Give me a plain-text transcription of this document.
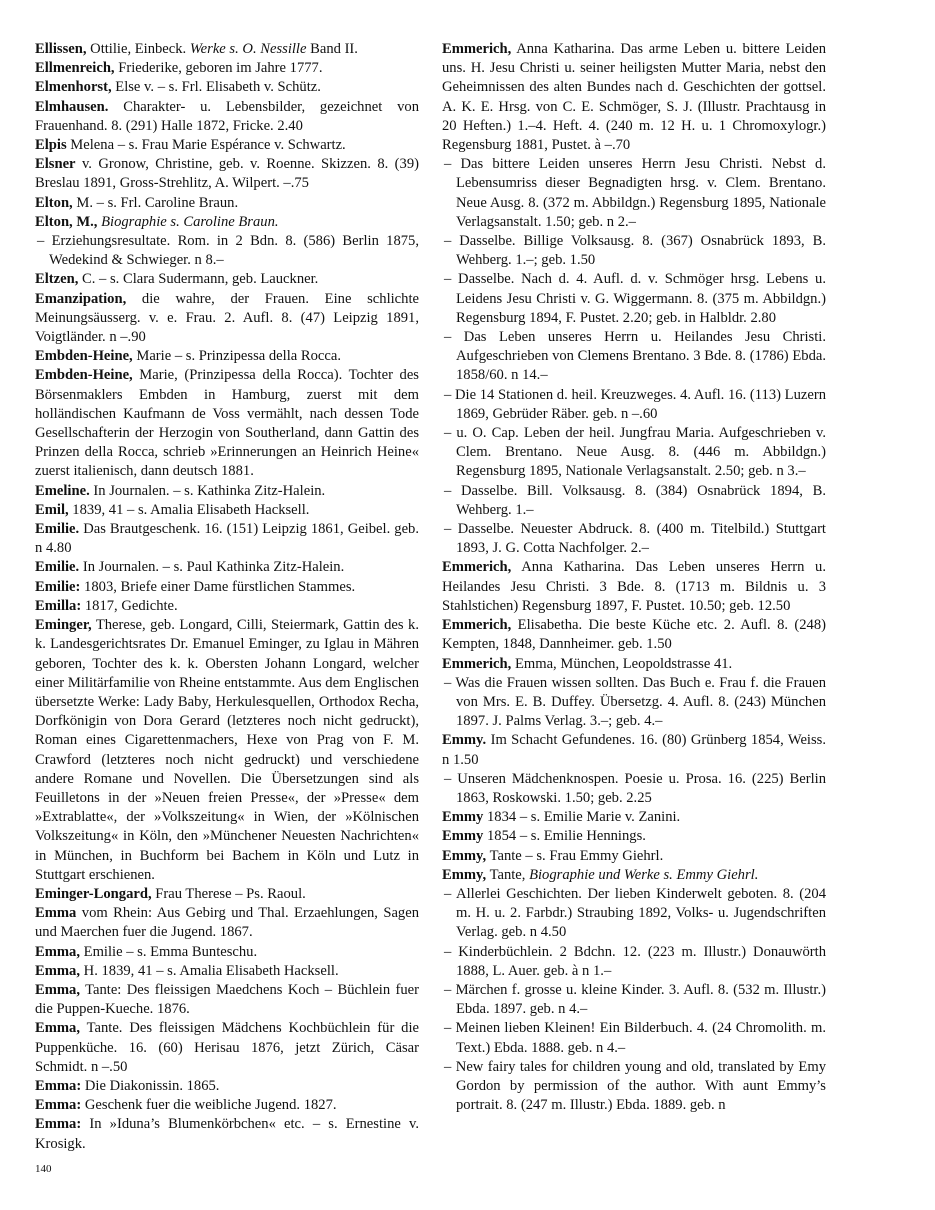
Ellissen, Ottilie, Einbeck. Werke s. O. Nessille Band II.

Ellmenreich, Friederike, geboren im Jahre 1777.

Elmenhorst, Else v. – s. Frl. Elisabeth v. Schütz.

Elmhausen. Charakter- u. Lebensbilder, gezeichnet von Frauenhand. 8. (291) Halle 1872, Fricke. 2.40

Elpis Melena – s. Frau Marie Espérance v. Schwartz.

Elsner v. Gronow, Christine, geb. v. Roenne. Skizzen. 8. (39) Breslau 1891, Gross-Strehlitz, A. Wilpert. –.75

Elton, M. – s. Frl. Caroline Braun.

Elton, M., Biographie s. Caroline Braun.

– Erziehungsresultate. Rom. in 2 Bdn. 8. (586) Berlin 1875, Wedekind & Schwieger. n 8.–

Eltzen, C. – s. Clara Sudermann, geb. Lauckner.

Emanzipation, die wahre, der Frauen. Eine schlichte Meinungsäusserg. v. e. Frau. 2. Aufl. 8. (47) Leipzig 1891, Voigtländer. n –.90

Embden-Heine, Marie – s. Prinzipessa della Rocca.

Embden-Heine, Marie, (Prinzipessa della Rocca). Tochter des Börsenmaklers Embden in Hamburg, zuerst mit dem holländischen Kaufmann de Voss vermählt, nach dessen Tode Gesellschafterin der Herzogin von Southerland, dann Gattin des Prinzen della Rocca, schrieb »Erinnerungen an Heinrich Heine« zuerst italienisch, dann deutsch 1881.

Emeline. In Journalen. – s. Kathinka Zitz-Halein.

Emil, 1839, 41 – s. Amalia Elisabeth Hacksell.

Emilie. Das Brautgeschenk. 16. (151) Leipzig 1861, Geibel. geb. n 4.80

Emilie. In Journalen. – s. Paul Kathinka Zitz-Halein.

Emilie: 1803, Briefe einer Dame fürstlichen Stammes.

Emilla: 1817, Gedichte.

Eminger, Therese, geb. Longard, Cilli, Steiermark, Gattin des k. k. Landesgerichtsrates Dr. Emanuel Eminger, zu Iglau in Mähren geboren, Tochter des k. k. Obersten Johann Longard, welcher einer Militärfamilie von Rheine entstammte. Aus dem Englischen übersetzte Werke: Lady Baby, Herkulesquellen, Orthodox Recha, Dorfkönigin von Dora Gerard (letzteres noch nicht gedruckt), Roman eines Cigarettenmachers, Hexe von Prag von F. M. Crawford (letzteres noch nicht gedruckt) und verschiedene andere Romane und Novellen. Die Übersetzungen sind als Feuilletons in der »Neuen freien Presse«, der »Presse« dem »Extrablatte«, der »Volkszeitung« in Wien, der »Kölnischen Volkszeitung« in Köln, den »Münchener Neuesten Nachrichten« in München, in Buchform bei Bachem in Köln und Lutz in Stuttgart erschienen.

Eminger-Longard, Frau Therese – Ps. Raoul.

Emma vom Rhein: Aus Gebirg und Thal. Erzaehlungen, Sagen und Maerchen fuer die Jugend. 1867.

Emma, Emilie – s. Emma Bunteschu.

Emma, H. 1839, 41 – s. Amalia Elisabeth Hacksell.

Emma, Tante: Des fleissigen Maedchens Koch – Büchlein fuer die Puppen-Kueche. 1876.

Emma, Tante. Des fleissigen Mädchens Kochbüchlein für die Puppenküche. 16. (60) Herisau 1876, jetzt Zürich, Cäsar Schmidt. n –.50

Emma: Die Diakonissin. 1865.

Emma: Geschenk fuer die weibliche Jugend. 1827.

Emma: In »Iduna’s Blumenkörbchen« etc. – s. Ernestine v. Krosigk.

Emmerich, Anna Katharina. Das arme Leben u. bittere Leiden uns. H. Jesu Christi u. seiner heiligsten Mutter Maria, nebst den Geheimnissen des alten Bundes nach d. Geschichten der gottsel. A. K. E. Hrsg. von C. E. Schmöger, S. J. (Illustr. Prachtausg in 20 Heften.) 1.–4. Heft. 4. (240 m. 12 H. u. 1 Chromoxylogr.) Regensburg 1881, Pustet. à –.70

– Das bittere Leiden unseres Herrn Jesu Christi. Nebst d. Lebensumriss dieser Begnadigten hrsg. v. Clem. Brentano. Neue Ausg. 8. (372 m. Abbildgn.) Regensburg 1895, Nationale Verlagsanstalt. 1.50; geb. n 2.–

– Dasselbe. Billige Volksausg. 8. (367) Osnabrück 1893, B. Wehberg. 1.–; geb. 1.50

– Dasselbe. Nach d. 4. Aufl. d. v. Schmöger hrsg. Lebens u. Leidens Jesu Christi v. G. Wiggermann. 8. (375 m. Abbildgn.) Regensburg 1894, F. Pustet. 2.20; geb. in Halbldr. 2.80

– Das Leben unseres Herrn u. Heilandes Jesu Christi. Aufgeschrieben von Clemens Brentano. 3 Bde. 8. (1786) Ebda. 1858/60. n 14.–

– Die 14 Stationen d. heil. Kreuzweges. 4. Aufl. 16. (113) Luzern 1869, Gebrüder Räber. geb. n –.60

– u. O. Cap. Leben der heil. Jungfrau Maria. Aufgeschrieben v. Clem. Brentano. Neue Ausg. 8. (446 m. Abbildgn.) Regensburg 1895, Nationale Verlagsanstalt. 2.50; geb. n 3.–

– Dasselbe. Bill. Volksausg. 8. (384) Osnabrück 1894, B. Wehberg. 1.–

– Dasselbe. Neuester Abdruck. 8. (400 m. Titelbild.) Stuttgart 1893, J. G. Cotta Nachfolger. 2.–

Emmerich, Anna Katharina. Das Leben unseres Herrn u. Heilandes Jesu Christi. 3 Bde. 8. (1713 m. Bildnis u. 3 Stahlstichen) Regensburg 1897, F. Pustet. 10.50; geb. 12.50

Emmerich, Elisabetha. Die beste Küche etc. 2. Aufl. 8. (248) Kempten, 1848, Dannheimer. geb. 1.50

Emmerich, Emma, München, Leopoldstrasse 41.

– Was die Frauen wissen sollten. Das Buch e. Frau f. die Frauen von Mrs. E. B. Duffey. Übersetzg. 4. Aufl. 8. (243) München 1897. J. Palms Verlag. 3.–; geb. 4.–

Emmy. Im Schacht Gefundenes. 16. (80) Grünberg 1854, Weiss. n 1.50

– Unseren Mädchenknospen. Poesie u. Prosa. 16. (225) Berlin 1863, Roskowski. 1.50; geb. 2.25

Emmy 1834 – s. Emilie Marie v. Zanini.

Emmy 1854 – s. Emilie Hennings.

Emmy, Tante – s. Frau Emmy Giehrl.

Emmy, Tante, Biographie und Werke s. Emmy Giehrl.

– Allerlei Geschichten. Der lieben Kinderwelt geboten. 8. (204 m. H. u. 2. Farbdr.) Straubing 1892, Volks- u. Jugendschriften Verlag. geb. n 4.50

– Kinderbüchlein. 2 Bdchn. 12. (223 m. Illustr.) Donauwörth 1888, L. Auer. geb. à n 1.–

– Märchen f. grosse u. kleine Kinder. 3. Aufl. 8. (532 m. Illustr.) Ebda. 1897. geb. n 4.–

– Meinen lieben Kleinen! Ein Bilderbuch. 4. (24 Chromolith. m. Text.) Ebda. 1888. geb. n 4.–

– New fairy tales for children young and old, translated by Emy Gordon by permission of the author. With aunt Emmy’s portrait. 8. (247 m. Illustr.) Ebda. 1889. geb. n

140
